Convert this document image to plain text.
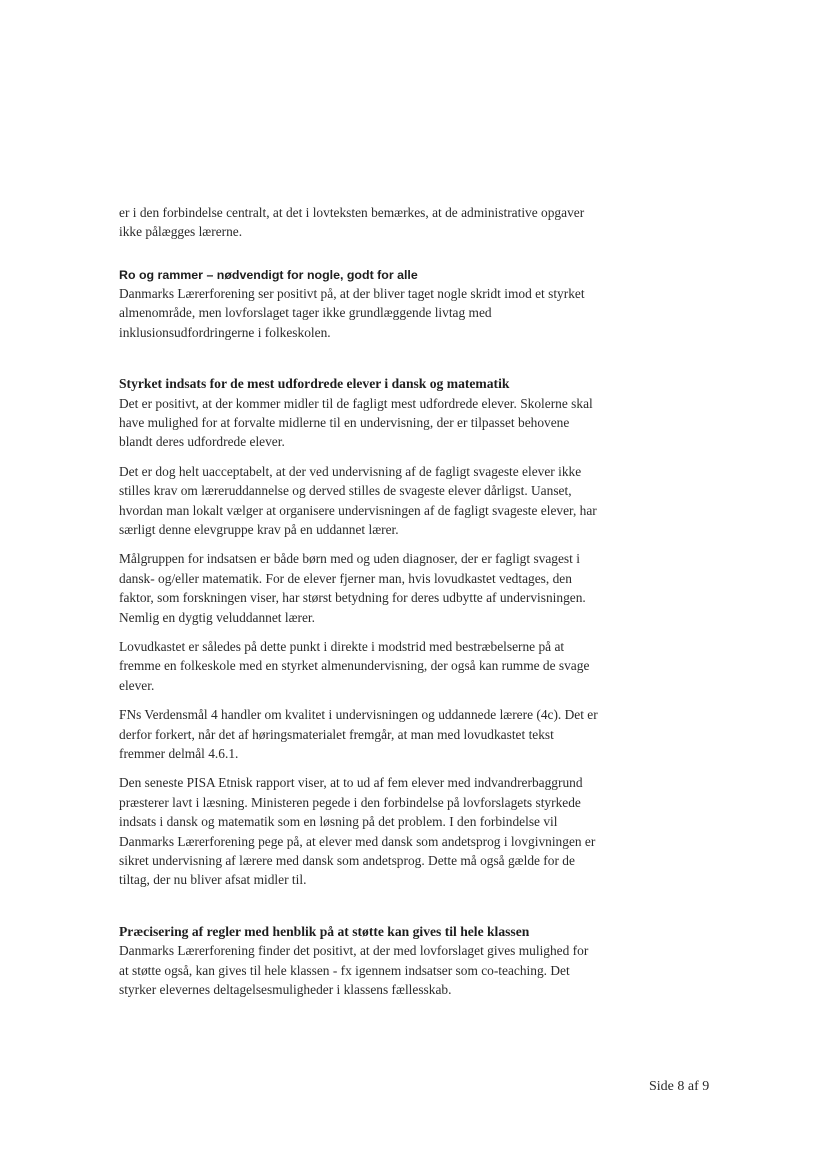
er i den forbindelse centralt, at det i lovteksten bemærkes, at de administrative opgaver ikke pålægges lærerne.

Ro og rammer – nødvendigt for nogle, godt for alle

Danmarks Lærerforening ser positivt på, at der bliver taget nogle skridt imod et styrket almenområde, men lovforslaget tager ikke grundlæggende livtag med inklusionsudfordringerne i folkeskolen.

Styrket indsats for de mest udfordrede elever i dansk og matematik

Det er positivt, at der kommer midler til de fagligt mest udfordrede elever. Skolerne skal have mulighed for at forvalte midlerne til en undervisning, der er tilpasset behovene blandt deres udfordrede elever.

Det er dog helt uacceptabelt, at der ved undervisning af de fagligt svageste elever ikke stilles krav om læreruddannelse og derved stilles de svageste elever dårligst. Uanset, hvordan man lokalt vælger at organisere undervisningen af de fagligt svageste elever, har særligt denne elevgruppe krav på en uddannet lærer.

Målgruppen for indsatsen er både børn med og uden diagnoser, der er fagligt svagest i dansk- og/eller matematik. For de elever fjerner man, hvis lovudkastet vedtages, den faktor, som forskningen viser, har størst betydning for deres udbytte af undervisningen. Nemlig en dygtig veluddannet lærer.

Lovudkastet er således på dette punkt i direkte i modstrid med bestræbelserne på at fremme en folkeskole med en styrket almenundervisning, der også kan rumme de svage elever.

FNs Verdensmål 4 handler om kvalitet i undervisningen og uddannede lærere (4c). Det er derfor forkert, når det af høringsmaterialet fremgår, at man med lovudkastet tekst fremmer delmål 4.6.1.

Den seneste PISA Etnisk rapport viser, at to ud af fem elever med indvandrerbaggrund præsterer lavt i læsning. Ministeren pegede i den forbindelse på lovforslagets styrkede indsats i dansk og matematik som en løsning på det problem. I den forbindelse vil Danmarks Lærerforening pege på, at elever med dansk som andetsprog i lovgivningen er sikret undervisning af lærere med dansk som andetsprog. Dette må også gælde for de tiltag, der nu bliver afsat midler til.

Præcisering af regler med henblik på at støtte kan gives til hele klassen

Danmarks Lærerforening finder det positivt, at der med lovforslaget gives mulighed for at støtte også, kan gives til hele klassen - fx igennem indsatser som co-teaching. Det styrker elevernes deltagelsesmuligheder i klassens fællesskab.

Side 8 af 9
